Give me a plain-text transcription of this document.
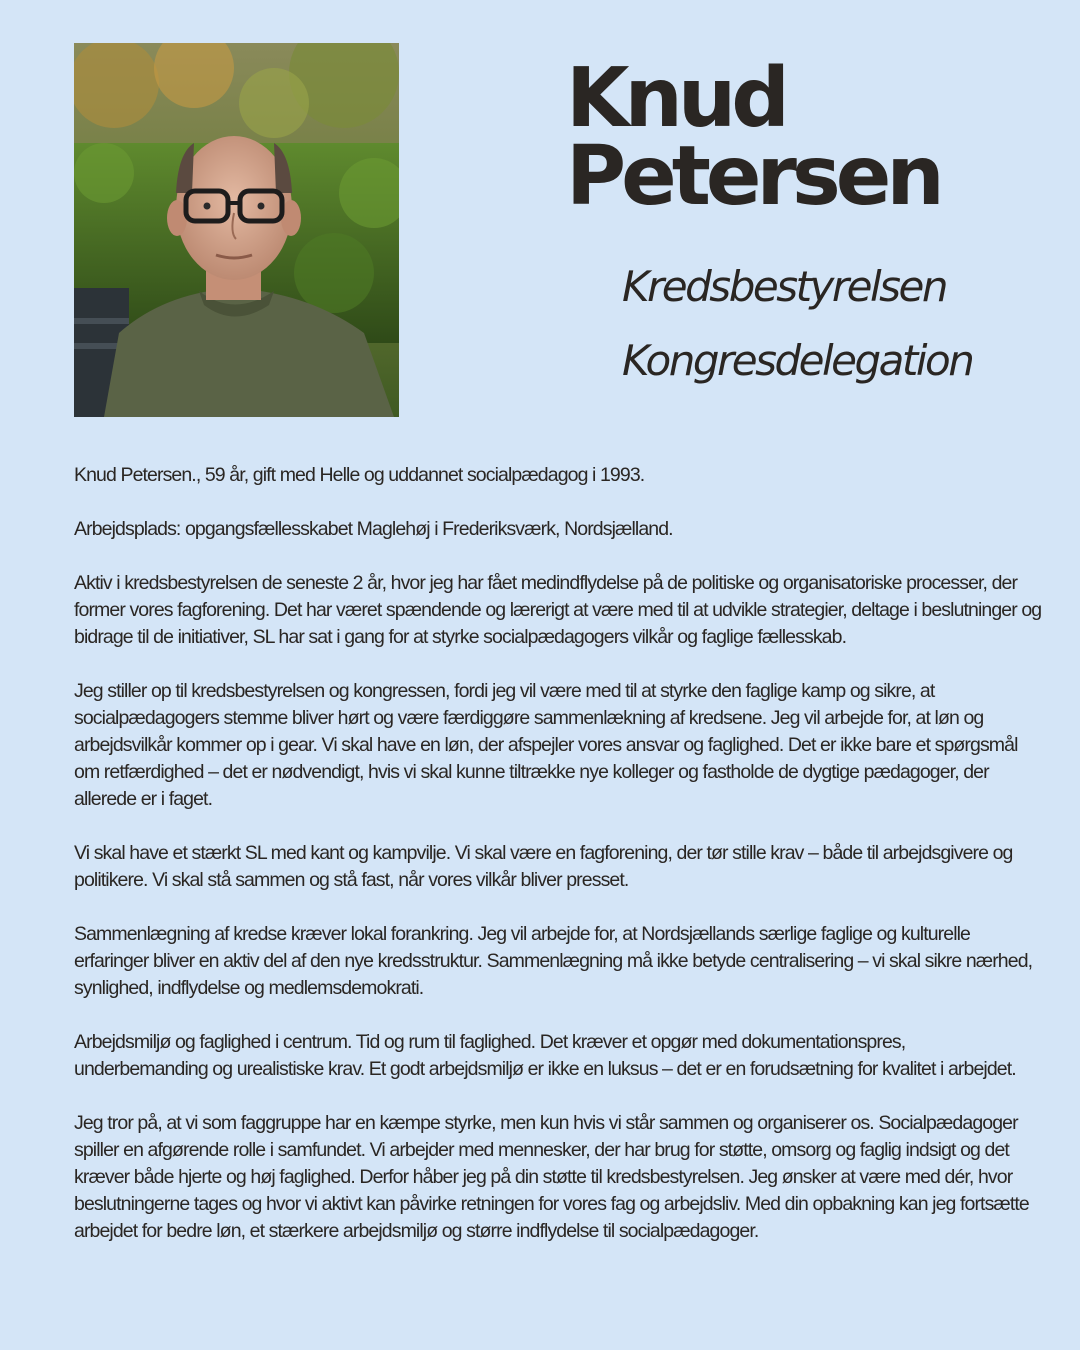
Knud
Petersen
Kredsbestyrelsen
Kongresdelegation

Knud Petersen., 59 år, gift med Helle og uddannet socialpædagog i 1993.

Arbejdsplads: opgangsfællesskabet Maglehøj i Frederiksværk, Nordsjælland.

Aktiv i kredsbestyrelsen de seneste 2 år, hvor jeg har fået medindflydelse på de politiske og organisatoriske processer, der former vores fagforening. Det har været spændende og lærerigt at være med til at udvikle strategier, deltage i beslutninger og bidrage til de initiativer, SL har sat i gang for at styrke socialpædagogers vilkår og faglige fællesskab.

Jeg stiller op til kredsbestyrelsen og kongressen, fordi jeg vil være med til at styrke den faglige kamp og sikre, at socialpædagogers stemme bliver hørt og være færdiggøre sammenlækning af kredsene. Jeg vil arbejde for, at løn og arbejdsvilkår kommer op i gear. Vi skal have en løn, der afspejler vores ansvar og faglighed. Det er ikke bare et spørgsmål om retfærdighed – det er nødvendigt, hvis vi skal kunne tiltrække nye kolleger og fastholde de dygtige pædagoger, der allerede er i faget.

Vi skal have et stærkt SL med kant og kampvilje. Vi skal være en fagforening, der tør stille krav – både til arbejdsgivere og politikere. Vi skal stå sammen og stå fast, når vores vilkår bliver presset.

Sammenlægning af kredse kræver lokal forankring. Jeg vil arbejde for, at Nordsjællands særlige faglige og kulturelle erfaringer bliver en aktiv del af den nye kredsstruktur. Sammenlægning må ikke betyde centralisering – vi skal sikre nærhed, synlighed, indflydelse og medlemsdemokrati.

Arbejdsmiljø og faglighed i centrum. Tid og rum til faglighed. Det kræver et opgør med dokumentationspres, underbemanding og urealistiske krav. Et godt arbejdsmiljø er ikke en luksus – det er en forudsætning for kvalitet i arbejdet.

Jeg tror på, at vi som faggruppe har en kæmpe styrke, men kun hvis vi står sammen og organiserer os. Socialpædagoger spiller en afgørende rolle i samfundet. Vi arbejder med mennesker, der har brug for støtte, omsorg og faglig indsigt og det kræver både hjerte og høj faglighed. Derfor håber jeg på din støtte til kredsbestyrelsen. Jeg ønsker at være med dér, hvor beslutningerne tages og hvor vi aktivt kan påvirke retningen for vores fag og arbejdsliv. Med din opbakning kan jeg fortsætte arbejdet for bedre løn, et stærkere arbejdsmiljø og større indflydelse til socialpædagoger.
